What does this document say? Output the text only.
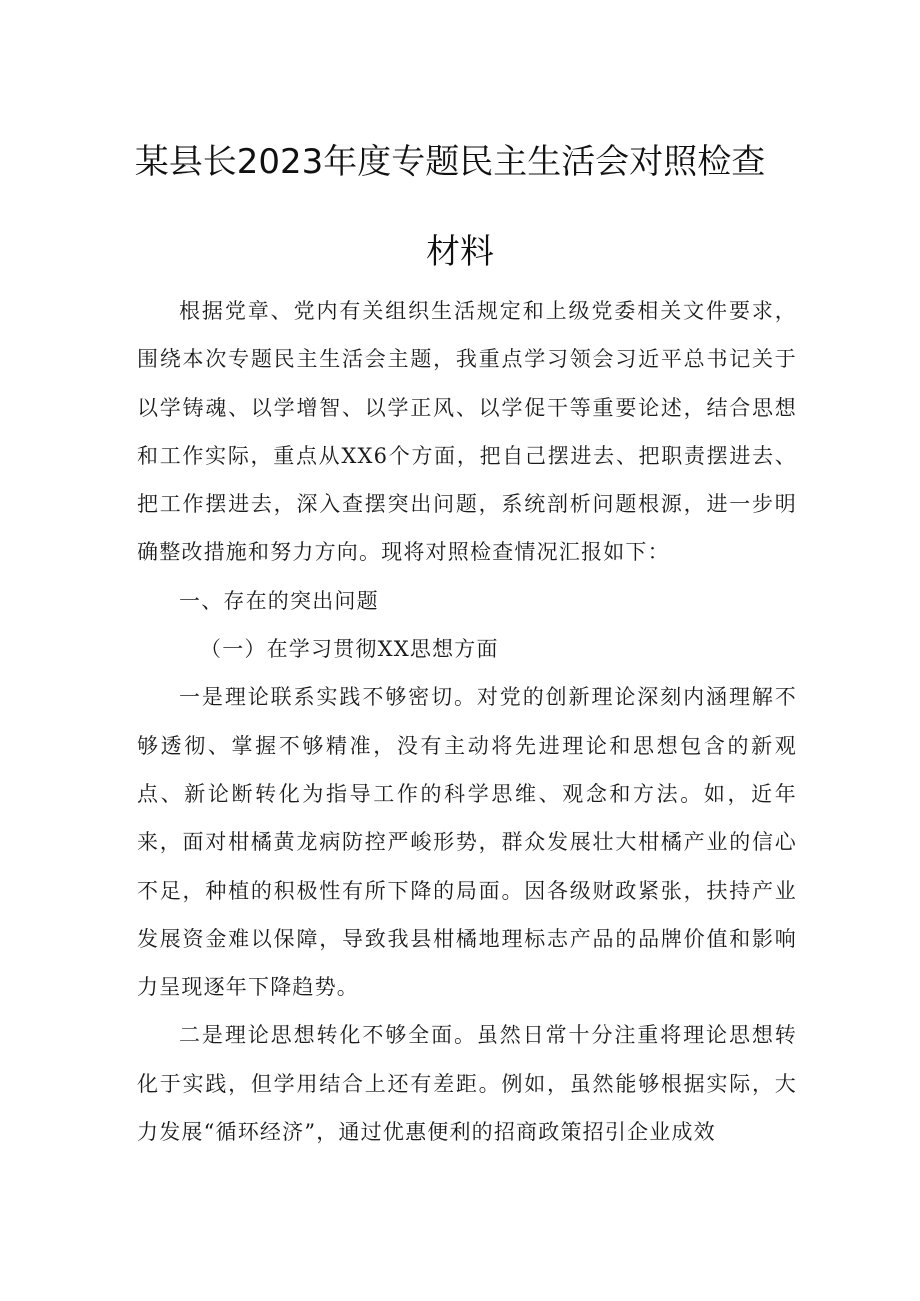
某县长2023年度专题民主生活会对照检查
材料

根据党章、党内有关组织生活规定和上级党委相关文件要求，围绕本次专题民主生活会主题，我重点学习领会习近平总书记关于以学铸魂、以学增智、以学正风、以学促干等重要论述，结合思想和工作实际，重点从XX6个方面，把自己摆进去、把职责摆进去、把工作摆进去，深入查摆突出问题，系统剖析问题根源，进一步明确整改措施和努力方向。现将对照检查情况汇报如下：

一、存在的突出问题

（一）在学习贯彻XX思想方面

一是理论联系实践不够密切。对党的创新理论深刻内涵理解不够透彻、掌握不够精准，没有主动将先进理论和思想包含的新观点、新论断转化为指导工作的科学思维、观念和方法。如，近年来，面对柑橘黄龙病防控严峻形势，群众发展壮大柑橘产业的信心不足，种植的积极性有所下降的局面。因各级财政紧张，扶持产业发展资金难以保障，导致我县柑橘地理标志产品的品牌价值和影响力呈现逐年下降趋势。

二是理论思想转化不够全面。虽然日常十分注重将理论思想转化于实践，但学用结合上还有差距。例如，虽然能够根据实际，大力发展“循环经济”，通过优惠便利的招商政策招引企业成效
